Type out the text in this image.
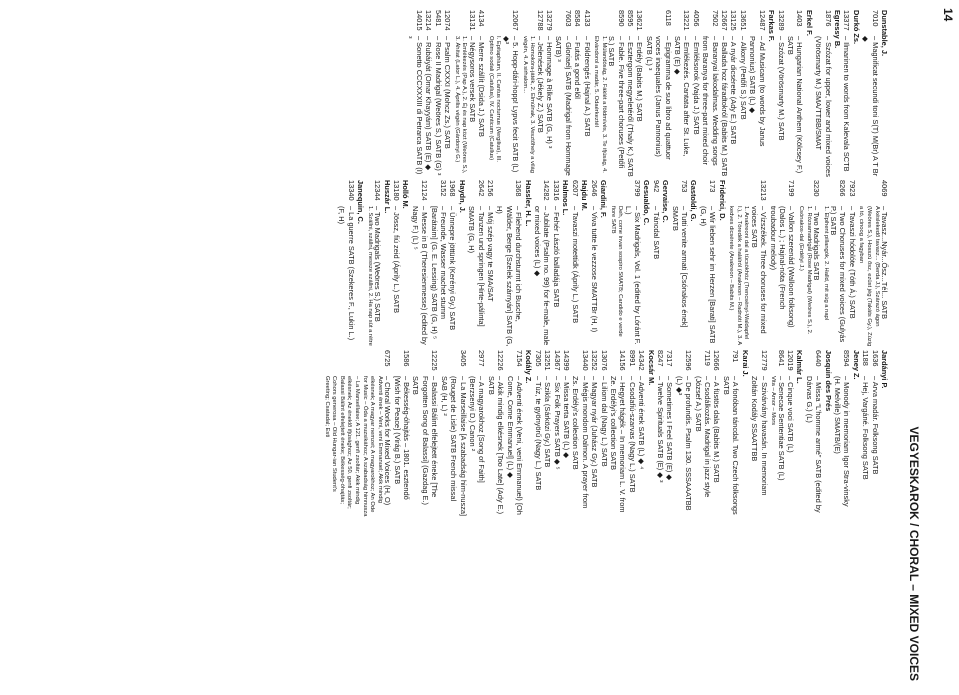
14
VEGYESKAROK / CHORAL – MIXED VOICES
Dunstable, J.
7010
– Magnificat secundi toni S(T) M(Br) A T Br ◆
Durkó Zs.
13377
– Ilmarinen to words from Kalevala SCTB
Egressy B.
1876
– Szózat for upper, lower and mixed voices (Vörösmarty M.) SMA/TTBB/SMAT
Erkel F.
1403
– Hungarian National Anthem (Kölcsey F.) SATB
13289
– Szózat (Vörösmarty M.) SATB
Farkas F.
12487
– Ad Musicam (to words by Janus Pannonius) SATB (L) ◆
13651
– Alkony (Petőfi S.) SATB
13125
– A nyár dicsérete (Ady E.) SATB
12667
– Ballada hoz fáradtokról (Babits M.) SATB
7502
– Baranyai lakodalmas. Wedding songs from Baranya for three-part mixed choir
4056
– Emléksorok (Vajda J.) SATB
13221
– Emlékezés. Cantata after St. Luke, SATB (E) ◆
6118
– Epigramma de suo libro ad quattuor voces inaequales (Janus Pannonius) SATB (L) ³
13621
– Erdély (Babits M.) SATB
8595
– Esztergom megyeletéről (Thaly K.) SATB
8590
– Fable. Five three-part choruses (Petőfi S.) SATB
1. Múlandóság, 2. Fáklét a földmívés, 3. Te ifjúság, 4. Elvándorol a madár, 5. Odaérkeztél
4133
– Földrengés (Hajnal A.) SATB
8584
– Futás a gond elől
7603
– Gloriaelj SATB (Madrigal from Hommage SATB) ³
13279
– Hommage à Rilke SATB (G, H) ³
12788
– Jelenések (Jékely Z.) SATB
1. Homokóra-játék, 2. Elmúlnak, 3. Vesztőhely a világ végén, 4. A sirhalom...
12067
– 5. Hopp-dári-hopp! Lypvs fecit SATB (L) ◆³
I. Epitaphium, II. Cantus nocturnus (Vergilius), III. Optimo sodali (Catullus), IV. Canticum (Catullus)
4134
– Merre szállít (Dsida J.) SATB
13131
– Négysoros versek SATB
1. Emlékezés (Pap A.), 2. Éj és nap közt (Weöres S.), 3. Áhítat (Lator L.), 4. Április végén (Gárdonyi G.)
12074
– Psalm CXXXI (Mohcz Zs.) SATB
5481
– Rose II Madrigal (Weöres S.) SATB (G) ³
13214
– Rubáiyát (Omar Khayyám) SATB (E) ◆
14015
– Sonetto CCCXXXIII di Petrarca SATB (I) ³
4069
– Tavasz...Nyár...Ősz...Tél... SATB
A késlekedő tavasz... (Berda J.), Szárazó ágon (Weöres S.), Hosszú ősz, ezüst jég (Takáts Gy.), Zúzig a tó, cinoog a fagyban
7923
– Tavaszi hódolóte (Tóth Á.) SATB
8266
– Two Choruses for mixed voices (Gulyás P.) SATB
1. Elpihent pillangók, 2. Halld, mit súg a napl
3230
– Two Madrigals SATB
1. Rózsamadrigál (Rose Madrigal) (Weöres S.), 2. Csónakos-dal (Erdélyi J.)
7199
– Vallon szerenád (Walloon folksong) (Dalos L.) ; Hajnal-nóta (French troubadour melody)
13213
– Vízszékek. Three choruses for mixed voices SATB
1. Anakreoni dal a tücsökhöz (Trencsényi-Waldapfel I.), 2. Töredék a halálról (Anakreon – Radnóti M.), 3. A kedves dicsérete (Anakreon – Babits M.)
Friderici, D.
173
– Wir lieben sehr im Herzen [Barati] SATB (G, H)
Gastoldi, G.
753
– Tutti venite armati [Csónakos ének] SMATB
Gervaise, C.
942
– Táncdal SATB
Gesualdo, C.
3799
– Six Madrigals, Vol. 1 (edited by Lóránt F. L.)
Deh, come invan sospiro SMATB; Candido e verde fiore SATB
Giardini, F.
2646
– Viva tutte le vezzose SMATTBr (H, I)
Hajdu M.
6207
– Tavaszi motettidk (Áprily L.) SATB
Halmos L.
13316
– Fehér László balladája SATB
14282
– Jubilate (Psalm no. 99) for fe-male, male or mixed voices (L) ◆
Hassler, H. L.
1368
– Fliehend durchsturmt ich Busche, Wälder, Berge [Szelek szárnyán] SATB (G, H)
2156
– Mój szép vagy te SMA/SAT
2642
– Tanzen und springen [Hirte-pálinta] SMATB (G, H)
Haydn, J.
1968
– Ünnepre jöttünk (Kerényi Gy.) SATB
3152
– Freunde, Wasser machet stumm [Barátaim] (G. E. Lessing) SATB (G, H) ⁵
12124
– Messe in B (Theresienmesse) (edited by Nagy F.) (L) ⁵
Holló M.
13180
– Jössz, fiú zeid (Áprily L.) SATB
Huszár L.
12344
– Two Madrigals (Weöres S.) SATB
1. Szállni, szállni, messze szállni, 2. Ha nap süt a rétre
Janequin, C.
13340
– La guerre SATB (Szekeres F., Lukin L.) (F, H)
Jardányi P.
1636
– Arva madár. Folksong SATB
1188
– Hej, Vargáné. Folksong SATB
Jeney Z.
8594
– Monody in memoriam Igor Stra-vinsky (H. Melville) SMATB/(E)
Josquin des Prés
6440
– Missa “L’homme armé” SATB (edited by Dárvas G.) (L)
Kalmár L.
12019
– Cinque voci SATB (L)
8641
– Senecae Sententiae SATB (L)
Vita – Amor – Mors
12779
– Szivárvány havasán. In memoriam Zoltán Kodály SSAATTBB
Karai J.
791
– A fonóban táncdal. Two Czech folksongs SATB
12666
– A füstös dala (Babits M.) SATB
7119
– Csodálkozás. Madrigal in jazz style (József A.) SATB
12596
– De profundis. Psalm 130. SSSAAATBB (L) ◆³
7317
– Sometimes I Feel SATB (E) ◆
8247
– Twelve Spirituals SATB (E) ◆ ³
Kocsár M.
14342
– Adventi ének SATB (L) ◆ ⁴
8991
– Csodafiú-szarvas (Nagy L.) SATB
14156
– Hegyet hágék – In memoriam L. V. from Ze. Erdélyi's collection SATB
13076
– Liliom dal (Nagy L.) SATB
13252
– Magyar nyár (Juhász Gy.) SATB
13440
– Mégis mondom Dalmon. A prayer from Zs. Erdélyi's collection SATB
14399
– Missa terta SATB (L) ◆
14367
– Six Folk Prayers SATB ◆ ⁵
13251
– Szikla (Sárközi Gy.) SATB
7305
– Túz, te gyönyörű (Nagy L.) SATB
Kodály Z.
7154
– Adventi ének (Veni, veni Emmanuel) [Oh Come, Come Emmanuel] (L) ◆
12226
– Akik mindig elkésnek [Too Late] (Ady E.) SATB
2977
– A magyarokhoz [Song of Faith] (Berzsenyi D.) Canon ²
3405
– La Marseillaise [A szabadság him-nusza] (Rouget de Lisle) SATB French missal SAB (H, L) ²
12225
– Balassi Bálint elfelejtett éneke [The Forgotten Song of Balassi] (Gazdag E.) SATB
1586
– Békesség-óhajtás – 1801. esztendő [Wish for Peace] (Virág B.) SATB
6725
– Choral Works for Mixed Voices (H, O)
Adventi ének – Veni, veni Emmanuel; Akik mindig elkésnek; A magyar nemzet; A magyarokhoz; An Ode for Music – Óda a muzsikához; A szabadság himnusza – La Marseillaise; A 121. genfi zsoltár; Akik mindig elkésnek; Az éneklő ifjúsághoz; Az 50. genfi zsoltár; Balassi Bálint elfelejtett éneke; Békesség-óhajtás; Cohors generosa – Old Hungar-ian Student's Greeting; Csatadal; Esti
